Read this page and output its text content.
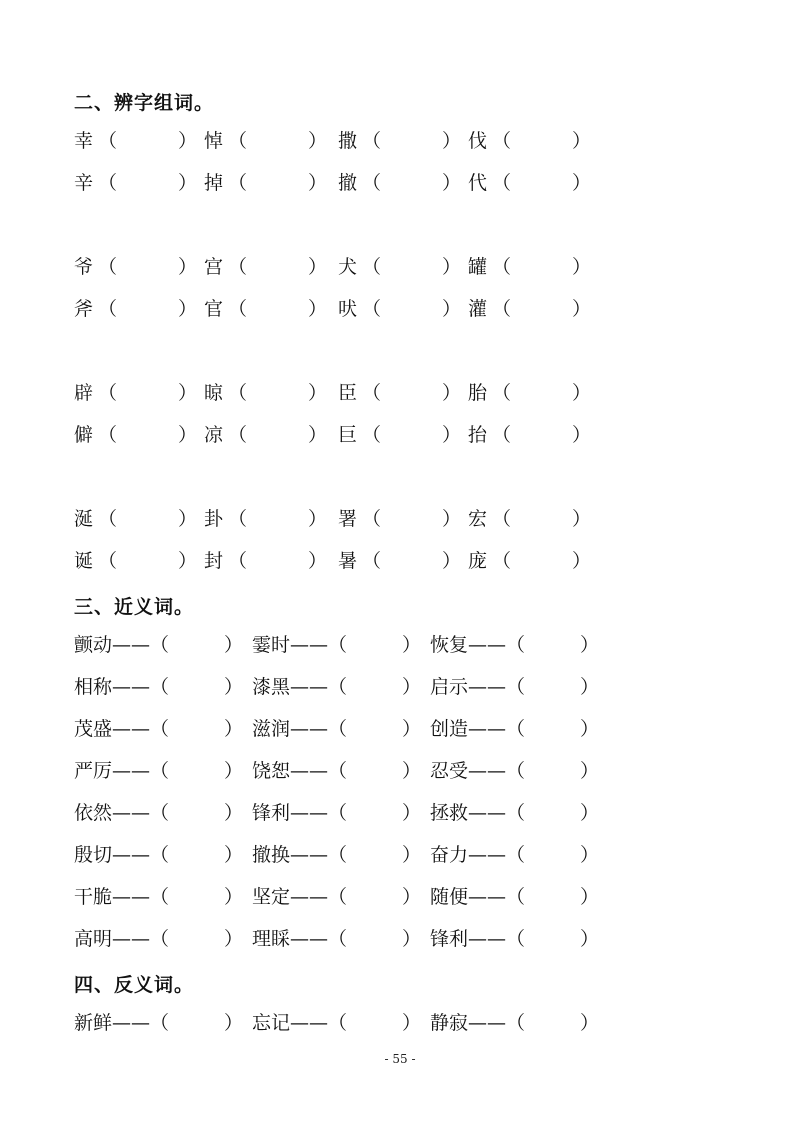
二、辨字组词。
幸 （	） 悼 （	） 撒 （	） 伐 （	）
辛 （	） 掉 （	） 撤 （	） 代 （	）
爷 （	） 宫 （	） 犬 （	） 罐 （	）
斧 （	） 官 （	） 吠 （	） 灌 （	）
辟 （	） 晾 （	） 臣 （	） 胎 （	）
僻 （	） 凉 （	） 巨 （	） 抬 （	）
涎 （	） 卦 （	） 署 （	） 宏 （	）
诞 （	） 封 （	） 暑 （	） 庞 （	）
三、近义词。
颤动——（	） 霎时——（	） 恢复——（	）
相称——（	） 漆黑——（	） 启示——（	）
茂盛——（	） 滋润——（	） 创造——（	）
严厉——（	） 饶恕——（	） 忍受——（	）
依然——（	） 锋利——（	） 拯救——（	）
殷切——（	） 撤换——（	） 奋力——（	）
干脆——（	） 坚定——（	） 随便——（	）
高明——（	） 理睬——（	） 锋利——（	）
四、反义词。
新鲜——（	） 忘记——（	） 静寂——（	）
- 55 -
